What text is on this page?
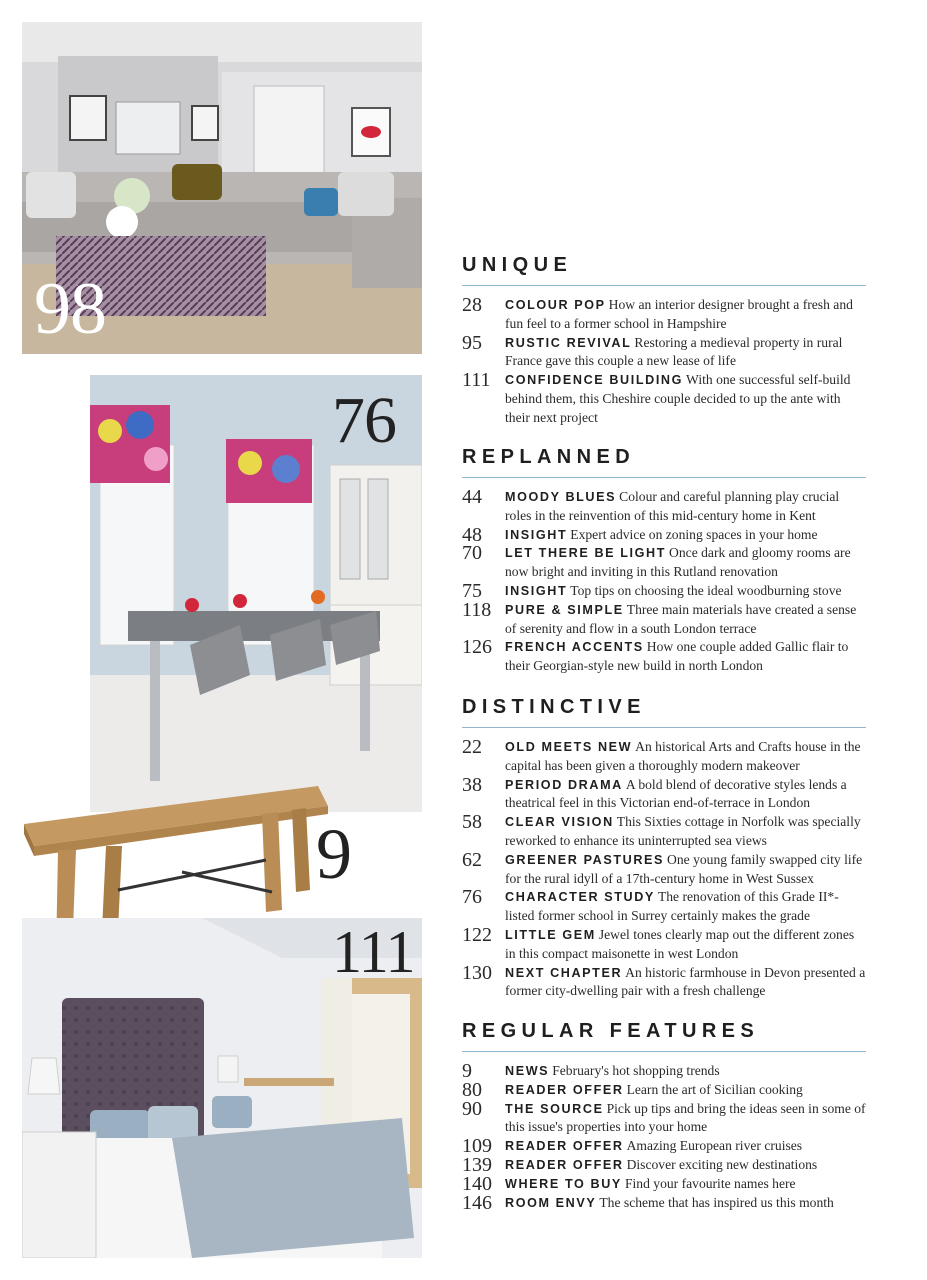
98
76
9
111
UNIQUE
28	COLOUR POP How an interior designer brought a fresh and fun feel to a former school in Hampshire
95	RUSTIC REVIVAL Restoring a medieval property in rural France gave this couple a new lease of life
111	CONFIDENCE BUILDING With one successful self-build behind them, this Cheshire couple decided to up the ante with their next project
REPLANNED
44	MOODY BLUES Colour and careful planning play crucial roles in the reinvention of this mid-century home in Kent
48	INSIGHT Expert advice on zoning spaces in your home
70	LET THERE BE LIGHT Once dark and gloomy rooms are now bright and inviting in this Rutland renovation
75	INSIGHT Top tips on choosing the ideal woodburning stove
118	PURE & SIMPLE Three main materials have created a sense of serenity and flow in a south London terrace
126	FRENCH ACCENTS How one couple added Gallic flair to their Georgian-style new build in north London
DISTINCTIVE
22	OLD MEETS NEW An historical Arts and Crafts house in the capital has been given a thoroughly modern makeover
38	PERIOD DRAMA A bold blend of decorative styles lends a theatrical feel in this Victorian end-of-terrace in London
58	CLEAR VISION This Sixties cottage in Norfolk was specially reworked to enhance its uninterrupted sea views
62	GREENER PASTURES One young family swapped city life for the rural idyll of a 17th-century home in West Sussex
76	CHARACTER STUDY The renovation of this Grade II*-listed former school in Surrey certainly makes the grade
122	LITTLE GEM Jewel tones clearly map out the different zones in this compact maisonette in west London
130	NEXT CHAPTER An historic farmhouse in Devon presented a former city-dwelling pair with a fresh challenge
REGULAR FEATURES
9	NEWS February's hot shopping trends
80	READER OFFER Learn the art of Sicilian cooking
90	THE SOURCE Pick up tips and bring the ideas seen in some of this issue's properties into your home
109	READER OFFER Amazing European river cruises
139	READER OFFER Discover exciting new destinations
140	WHERE TO BUY Find your favourite names here
146	ROOM ENVY The scheme that has inspired us this month
